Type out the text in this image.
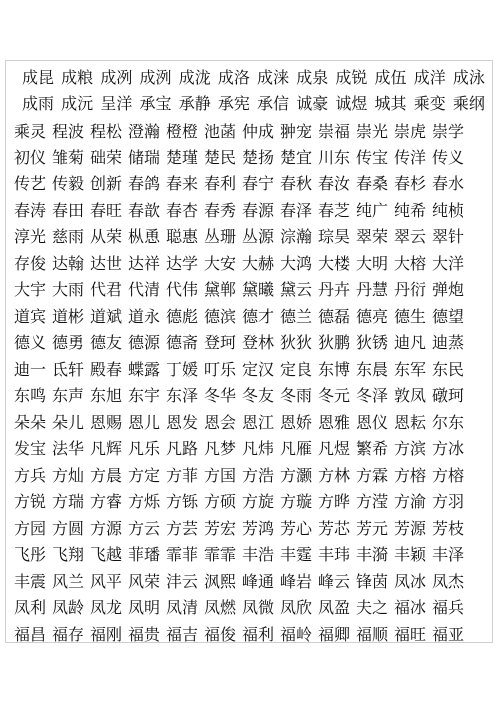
成昆 成粮 成冽 成洌 成泷 成洛 成涞 成泉 成锐 成伍 成洋 成泳
成雨 成沅 呈洋 承宝 承静 承宪 承信 诚豪 诚煜 城其 乘变 乘纲
乘灵 程波 程松 澄瀚 橙橙 池菡 仲成 翀宠 崇福 崇光 崇虎 崇学
初仪 雏菊 础荣 储瑞 楚瑾 楚民 楚扬 楚宜 川东 传宝 传洋 传义
传艺 传毅 创新 春鸽 春来 春利 春宁 春秋 春汝 春桑 春杉 春水
春涛 春田 春旺 春歆 春杏 春秀 春源 春泽 春芝 纯广 纯希 纯桢
淳光 慈雨 从荣 枞恿 聪惠 丛珊 丛源 淙瀚 琮昊 翠荣 翠云 翠针
存俊 达翰 达世 达祥 达学 大安 大赫 大鸿 大楼 大明 大榕 大洋
大宇 大雨 代君 代清 代伟 黛郸 黛曦 黛云 丹卉 丹慧 丹衍 弹炮
道宾 道彬 道斌 道永 德彪 德滨 德才 德兰 德磊 德亮 德生 德望
德义 德勇 德友 德源 德斋 登珂 登林 狄狄 狄鹏 狄锈 迪凡 迪蒸
迪一 氐轩 殿春 蝶露 丁媛 叮乐 定汉 定良 东博 东晨 东军 东民
东鸣 东声 东旭 东宇 东泽 冬华 冬友 冬雨 冬元 冬泽 敦凤 礅珂
朵朵 朵儿 恩赐 恩儿 恩发 恩会 恩江 恩娇 恩雅 恩仪 恩耘 尔东
发宝 法华 凡辉 凡乐 凡路 凡梦 凡炜 凡雁 凡煜 繁希 方滨 方冰
方兵 方灿 方晨 方定 方菲 方国 方浩 方灏 方林 方霖 方榕 方榕
方锐 方瑞 方睿 方烁 方铄 方硕 方旋 方璇 方晔 方滢 方渝 方羽
方园 方圆 方源 方云 方芸 芳宏 芳鸿 芳心 芳芯 芳元 芳源 芳枝
飞彤 飞翔 飞越 菲璠 霏菲 霏霏 丰浩 丰霆 丰玮 丰漪 丰颖 丰泽
丰震 风兰 风平 风荣 沣云 沨熙 峰通 峰岩 峰云 锋茵 凤冰 凤杰
凤利 凤龄 凤龙 凤明 凤清 凤燃 凤微 凤欣 凤盈 夫之 福冰 福兵
福昌 福存 福刚 福贵 福吉 福俊 福利 福岭 福卿 福顺 福旺 福亚
